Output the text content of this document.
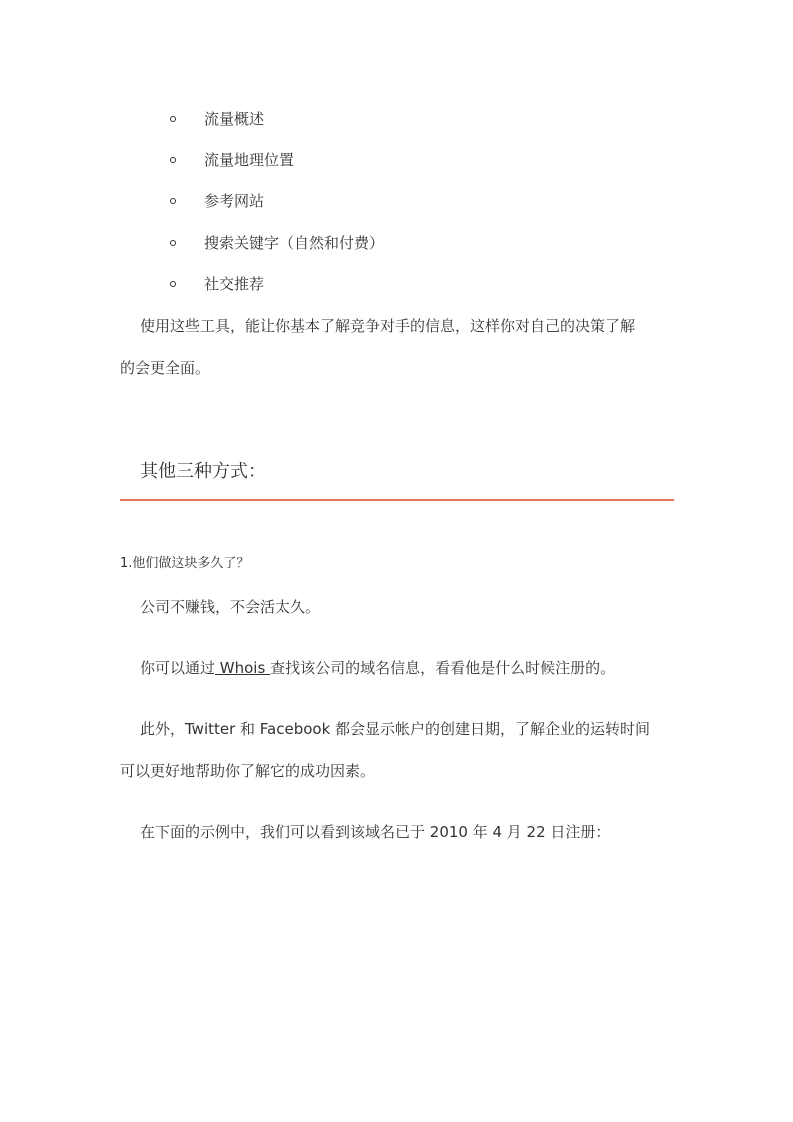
流量概述
流量地理位置
参考网站
搜索关键字（自然和付费）
社交推荐
使用这些工具，能让你基本了解竞争对手的信息，这样你对自己的决策了解
的会更全面。
其他三种方式：
1.他们做这块多久了？
公司不赚钱，不会活太久。
你可以通过 Whois 查找该公司的域名信息，看看他是什么时候注册的。
此外，Twitter 和 Facebook 都会显示帐户的创建日期，了解企业的运转时间
可以更好地帮助你了解它的成功因素。
在下面的示例中，我们可以看到该域名已于 2010 年 4 月 22 日注册：
